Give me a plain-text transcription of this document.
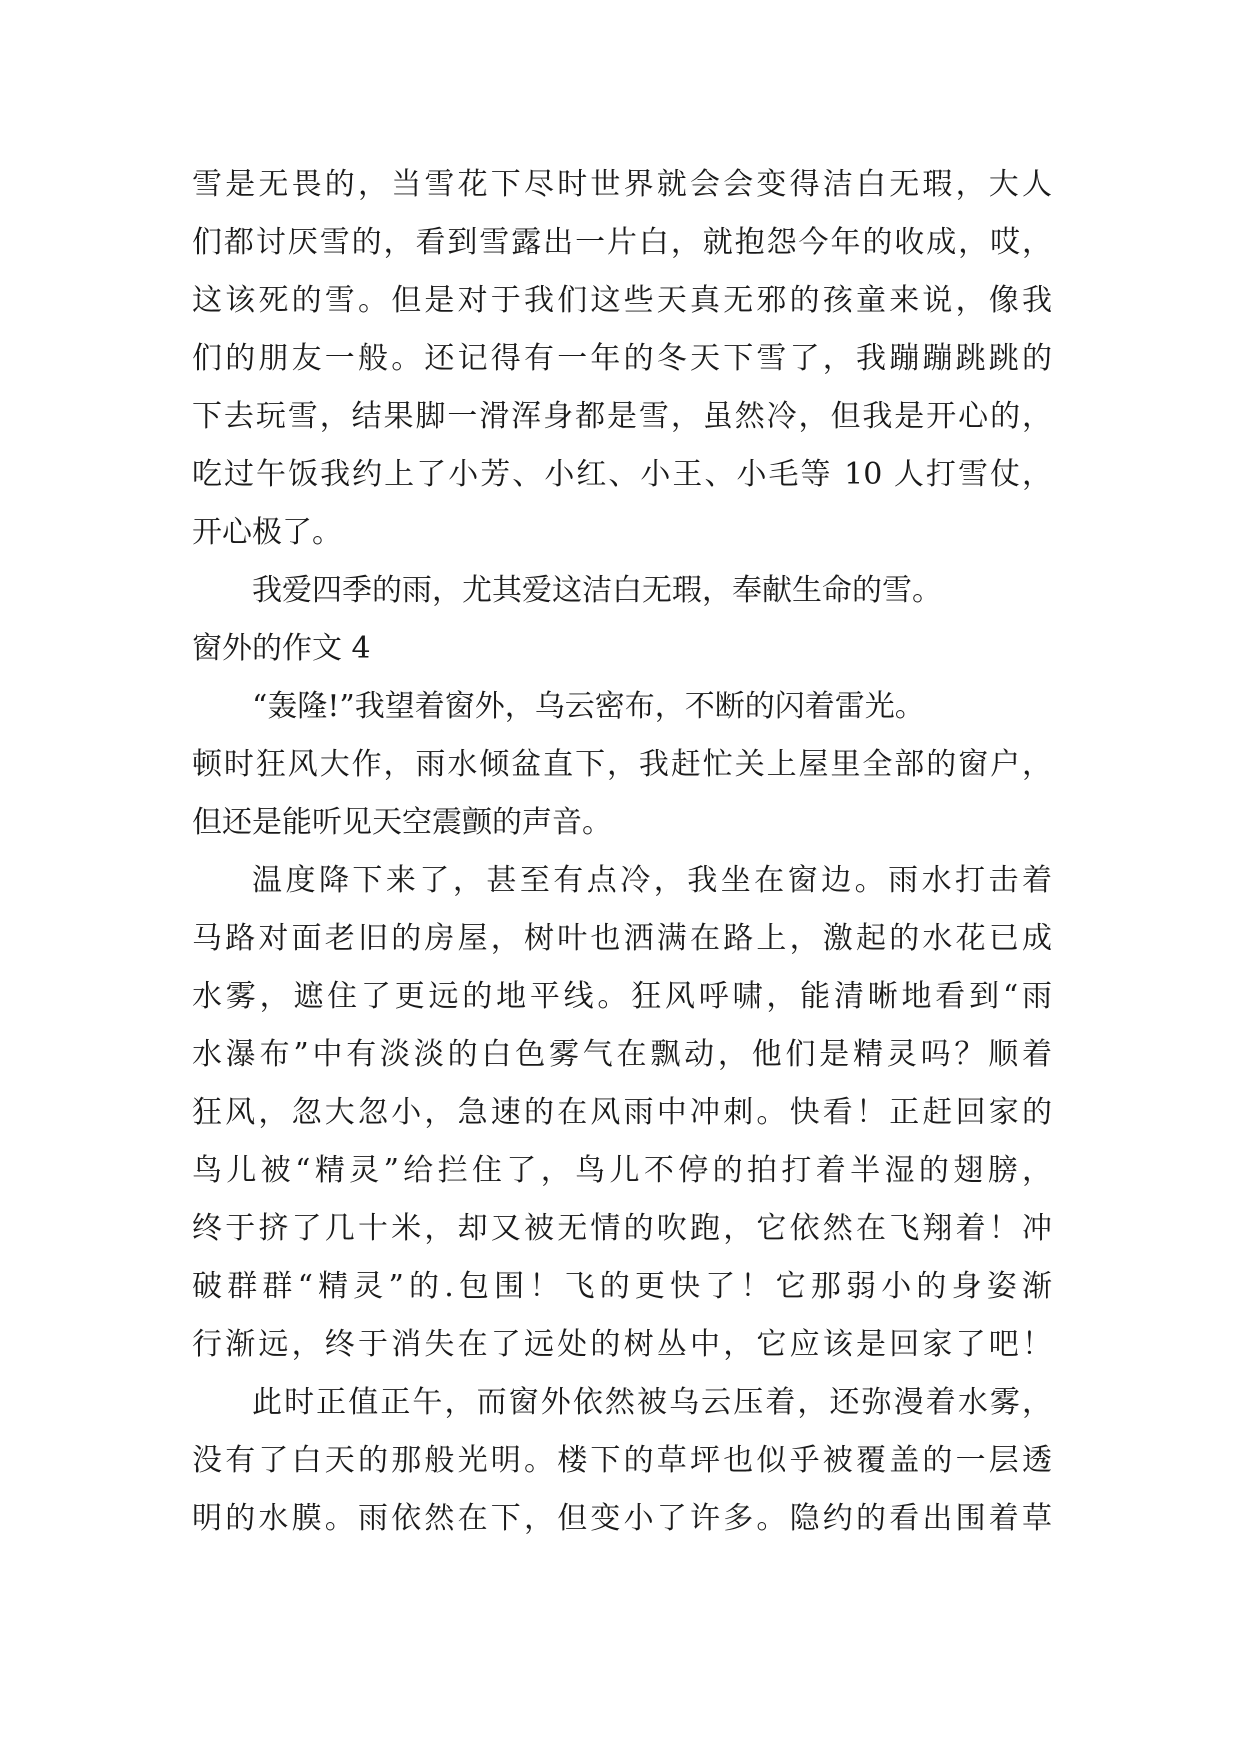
雪是无畏的，当雪花下尽时世界就会会变得洁白无瑕，大人
们都讨厌雪的，看到雪露出一片白，就抱怨今年的收成，哎，
这该死的雪。但是对于我们这些天真无邪的孩童来说，像我
们的朋友一般。还记得有一年的冬天下雪了，我蹦蹦跳跳的
下去玩雪，结果脚一滑浑身都是雪，虽然冷，但我是开心的，
吃过午饭我约上了小芳、小红、小王、小毛等 10 人打雪仗，
开心极了。
我爱四季的雨，尤其爱这洁白无瑕，奉献生命的雪。
窗外的作文 4
“轰隆!”我望着窗外，乌云密布，不断的闪着雷光。
顿时狂风大作，雨水倾盆直下，我赶忙关上屋里全部的窗户，
但还是能听见天空震颤的声音。
温度降下来了，甚至有点冷，我坐在窗边。雨水打击着
马路对面老旧的房屋，树叶也洒满在路上，激起的水花已成
水雾，遮住了更远的地平线。狂风呼啸，能清晰地看到“雨
水瀑布”中有淡淡的白色雾气在飘动，他们是精灵吗？顺着
狂风，忽大忽小，急速的在风雨中冲刺。快看！正赶回家的
鸟儿被“精灵”给拦住了，鸟儿不停的拍打着半湿的翅膀，
终于挤了几十米，却又被无情的吹跑，它依然在飞翔着！冲
破群群“精灵”的.包围！飞的更快了！它那弱小的身姿渐
行渐远，终于消失在了远处的树丛中，它应该是回家了吧！
此时正值正午，而窗外依然被乌云压着，还弥漫着水雾，
没有了白天的那般光明。楼下的草坪也似乎被覆盖的一层透
明的水膜。雨依然在下，但变小了许多。隐约的看出围着草
